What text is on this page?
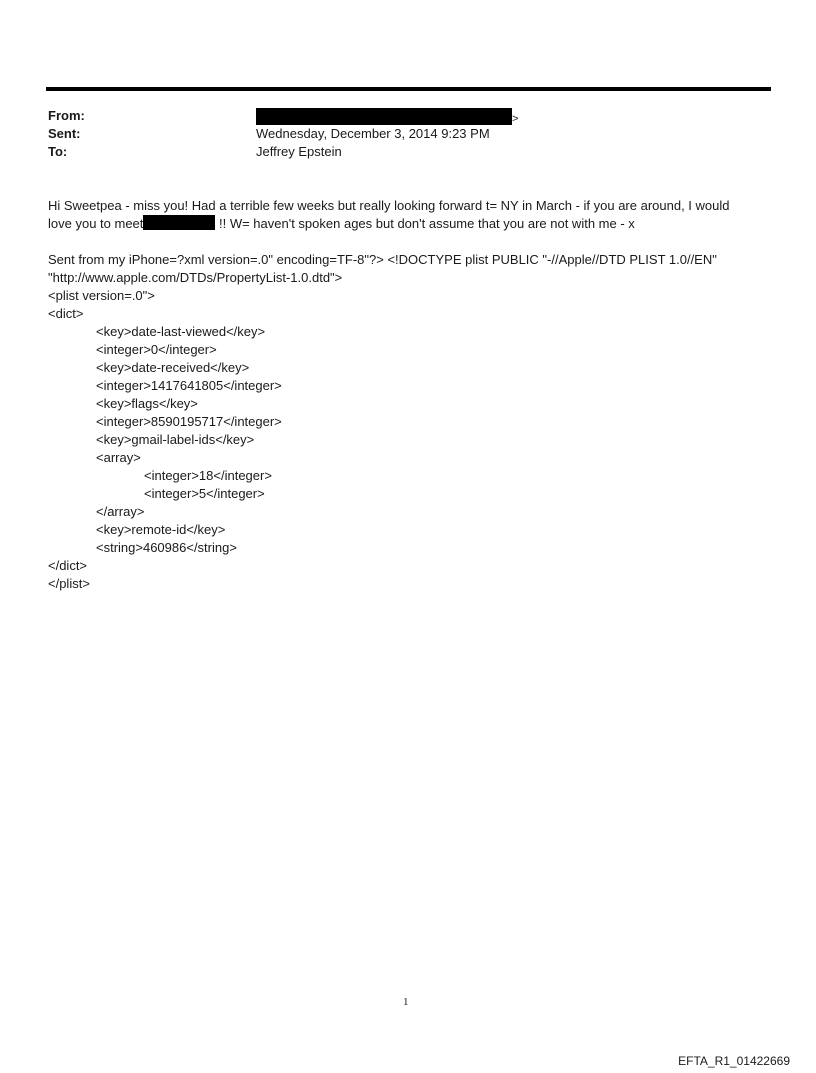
From:	>
Sent:	Wednesday, December 3, 2014 9:23 PM
To:	Jeffrey Epstein

Hi Sweetpea - miss you! Had a terrible few weeks but really looking forward t= NY in March - if you are around, I would

love you to meet	!! W= haven't spoken ages but don't assume that you are not with me - x

Sent from my iPhone=?xml version=.0" encoding=TF-8"?> <!DOCTYPE plist PUBLIC "-//Apple//DTD PLIST 1.0//EN"

"http://www.apple.com/DTDs/PropertyList-1.0.dtd">

<plist version=.0">

<dict>

<key>date-last-viewed</key>

<integer>0</integer>

<key>date-received</key>

<integer>1417641805</integer>

<key>flags</key>

<integer>8590195717</integer>

<key>gmail-label-ids</key>

<array>

<integer>18</integer>

<integer>5</integer>

</array>

<key>remote-id</key>

<string>460986</string>

</dict>

</plist>

1
EFTA_R1_01422669
